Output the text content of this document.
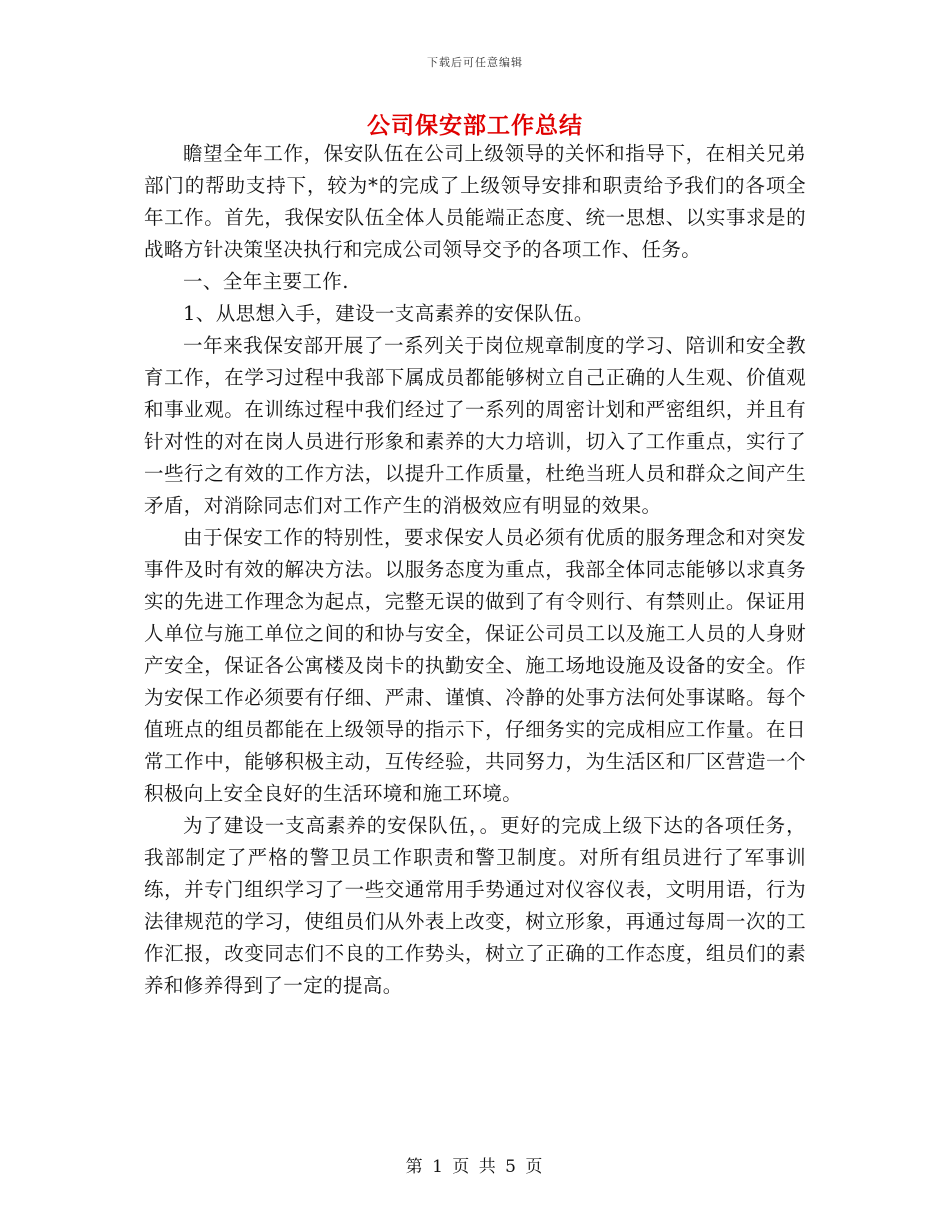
下载后可任意编辑
公司保安部工作总结

瞻望全年工作，保安队伍在公司上级领导的关怀和指导下，在相关兄弟部门的帮助支持下，较为*的完成了上级领导安排和职责给予我们的各项全年工作。首先，我保安队伍全体人员能端正态度、统一思想、以实事求是的战略方针决策坚决执行和完成公司领导交予的各项工作、任务。

一、全年主要工作.

1、从思想入手，建设一支高素养的安保队伍。

一年来我保安部开展了一系列关于岗位规章制度的学习、陪训和安全教育工作，在学习过程中我部下属成员都能够树立自己正确的人生观、价值观和事业观。在训练过程中我们经过了一系列的周密计划和严密组织，并且有针对性的对在岗人员进行形象和素养的大力培训，切入了工作重点，实行了一些行之有效的工作方法，以提升工作质量，杜绝当班人员和群众之间产生矛盾，对消除同志们对工作产生的消极效应有明显的效果。

由于保安工作的特别性，要求保安人员必须有优质的服务理念和对突发事件及时有效的解决方法。以服务态度为重点，我部全体同志能够以求真务实的先进工作理念为起点，完整无误的做到了有令则行、有禁则止。保证用人单位与施工单位之间的和协与安全，保证公司员工以及施工人员的人身财产安全，保证各公寓楼及岗卡的执勤安全、施工场地设施及设备的安全。作为安保工作必须要有仔细、严肃、谨慎、冷静的处事方法何处事谋略。每个值班点的组员都能在上级领导的指示下，仔细务实的完成相应工作量。在日常工作中，能够积极主动，互传经验，共同努力，为生活区和厂区营造一个积极向上安全良好的生活环境和施工环境。

为了建设一支高素养的安保队伍，。更好的完成上级下达的各项任务，我部制定了严格的警卫员工作职责和警卫制度。对所有组员进行了军事训练，并专门组织学习了一些交通常用手势通过对仪容仪表，文明用语，行为法律规范的学习，使组员们从外表上改变，树立形象，再通过每周一次的工作汇报，改变同志们不良的工作势头，树立了正确的工作态度，组员们的素养和修养得到了一定的提高。

第 1 页 共 5 页
